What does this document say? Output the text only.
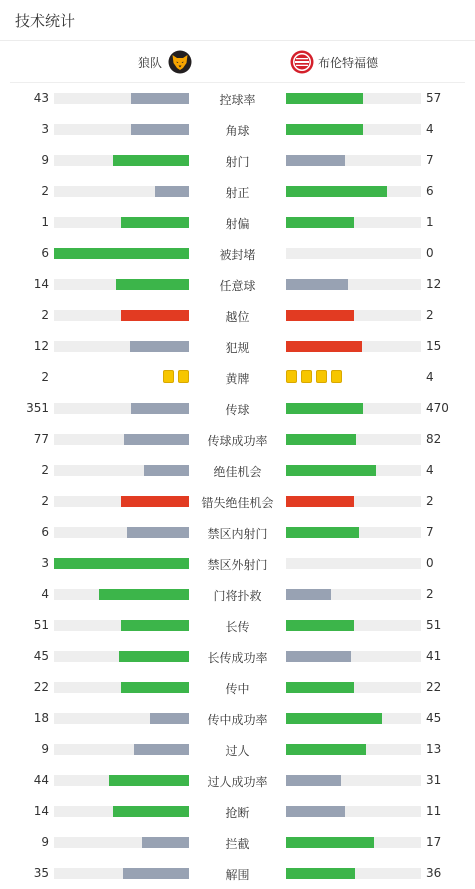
技术统计
狼队	布伦特福德
43	控球率	57
3	角球	4
9	射门	7
2	射正	6
1	射偏	1
6	被封堵	0
14	任意球	12
2	越位	2
12	犯规	15
2	黄牌	4
351	传球	470
77	传球成功率	82
2	绝佳机会	4
2	错失绝佳机会	2
6	禁区内射门	7
3	禁区外射门	0
4	门将扑救	2
51	长传	51
45	长传成功率	41
22	传中	22
18	传中成功率	45
9	过人	13
44	过人成功率	31
14	抢断	11
9	拦截	17
35	解围	36
